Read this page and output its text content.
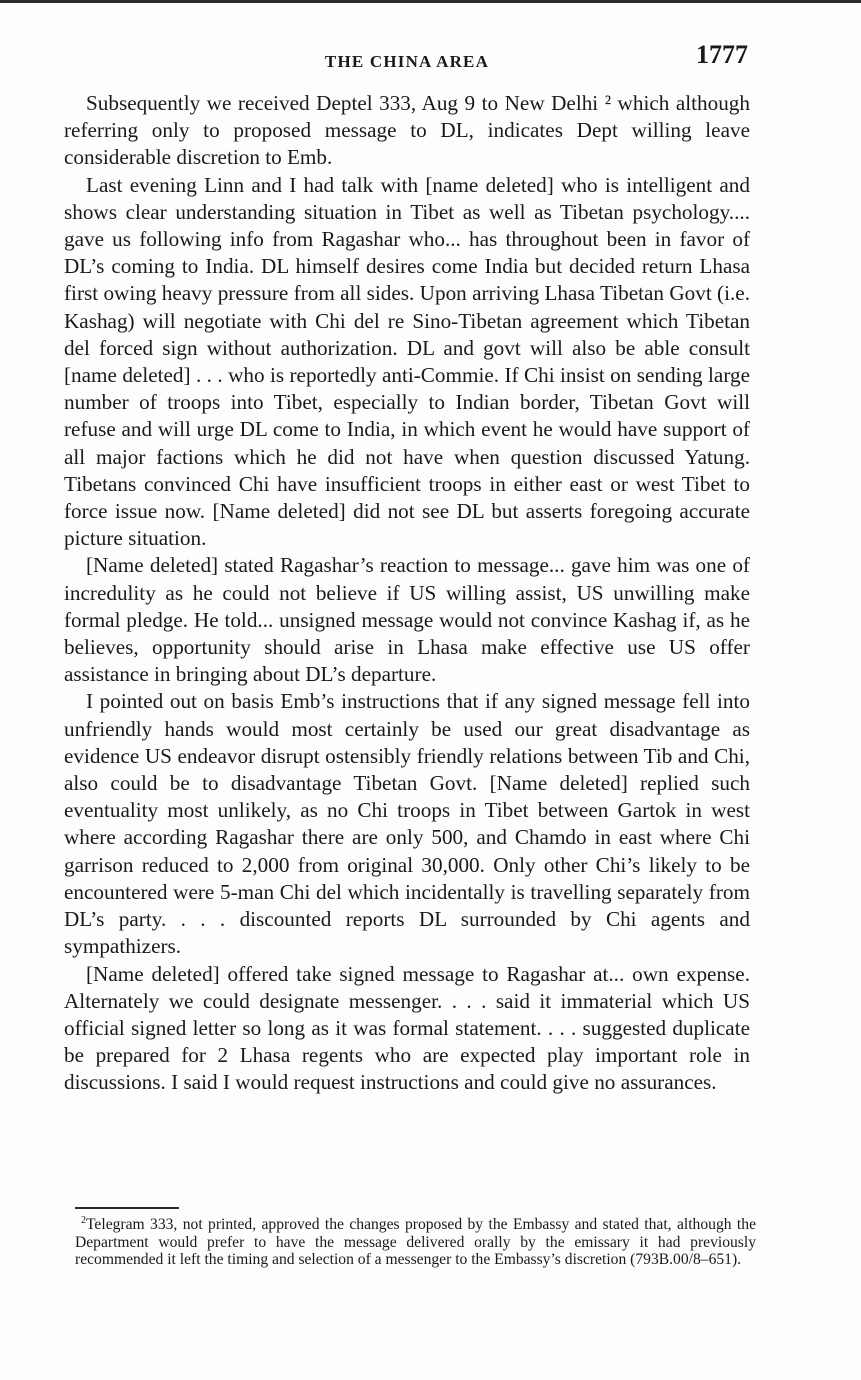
THE CHINA AREA	1777

Subsequently we received Deptel 333, Aug 9 to New Delhi ² which although referring only to proposed message to DL, indicates Dept willing leave considerable discretion to Emb.

Last evening Linn and I had talk with [name deleted] who is intelligent and shows clear understanding situation in Tibet as well as Tibetan psychology.... gave us following info from Ragashar who... has throughout been in favor of DL’s coming to India. DL himself desires come India but decided return Lhasa first owing heavy pressure from all sides. Upon arriving Lhasa Tibetan Govt (i.e. Kashag) will negotiate with Chi del re Sino-Tibetan agreement which Tibetan del forced sign without authorization. DL and govt will also be able consult [name deleted] . . . who is reportedly anti-Commie. If Chi insist on sending large number of troops into Tibet, especially to Indian border, Tibetan Govt will refuse and will urge DL come to India, in which event he would have support of all major factions which he did not have when question discussed Yatung. Tibetans convinced Chi have insufficient troops in either east or west Tibet to force issue now. [Name deleted] did not see DL but asserts foregoing accurate picture situation.

[Name deleted] stated Ragashar’s reaction to message... gave him was one of incredulity as he could not believe if US willing assist, US unwilling make formal pledge. He told... unsigned message would not convince Kashag if, as he believes, opportunity should arise in Lhasa make effective use US offer assistance in bringing about DL’s departure.

I pointed out on basis Emb’s instructions that if any signed message fell into unfriendly hands would most certainly be used our great disadvantage as evidence US endeavor disrupt ostensibly friendly relations between Tib and Chi, also could be to disadvantage Tibetan Govt. [Name deleted] replied such eventuality most unlikely, as no Chi troops in Tibet between Gartok in west where according Ragashar there are only 500, and Chamdo in east where Chi garrison reduced to 2,000 from original 30,000. Only other Chi’s likely to be encountered were 5-man Chi del which incidentally is travelling separately from DL’s party. . . . discounted reports DL surrounded by Chi agents and sympathizers.

[Name deleted] offered take signed message to Ragashar at... own expense. Alternately we could designate messenger. . . . said it immaterial which US official signed letter so long as it was formal statement. . . . suggested duplicate be prepared for 2 Lhasa regents who are expected play important role in discussions. I said I would request instructions and could give no assurances.

$^2$Telegram 333, not printed, approved the changes proposed by the Embassy and stated that, although the Department would prefer to have the message delivered orally by the emissary it had previously recommended it left the timing and selection of a messenger to the Embassy’s discretion (793B.00/8–651).
